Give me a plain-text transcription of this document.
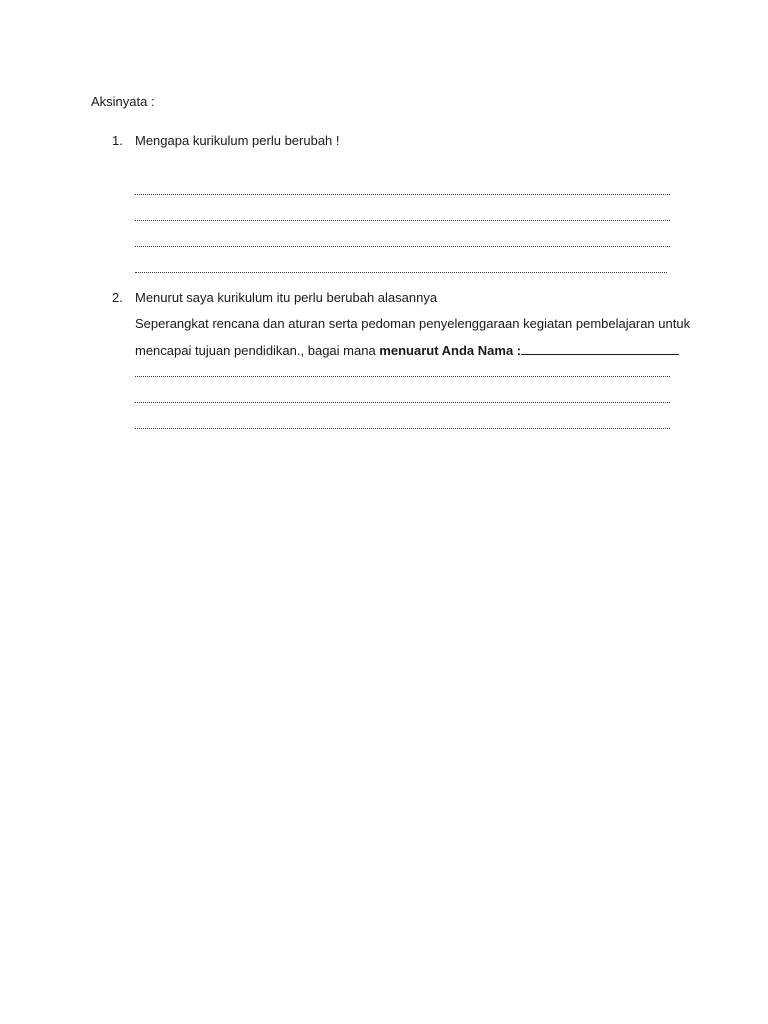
Aksinyata :
1. Mengapa kurikulum perlu berubah !
2. Menurut saya kurikulum itu perlu berubah alasannya
Seperangkat rencana dan aturan serta pedoman penyelenggaraan kegiatan pembelajaran untuk
mencapai tujuan pendidikan., bagai mana menuarut Anda Nama :
